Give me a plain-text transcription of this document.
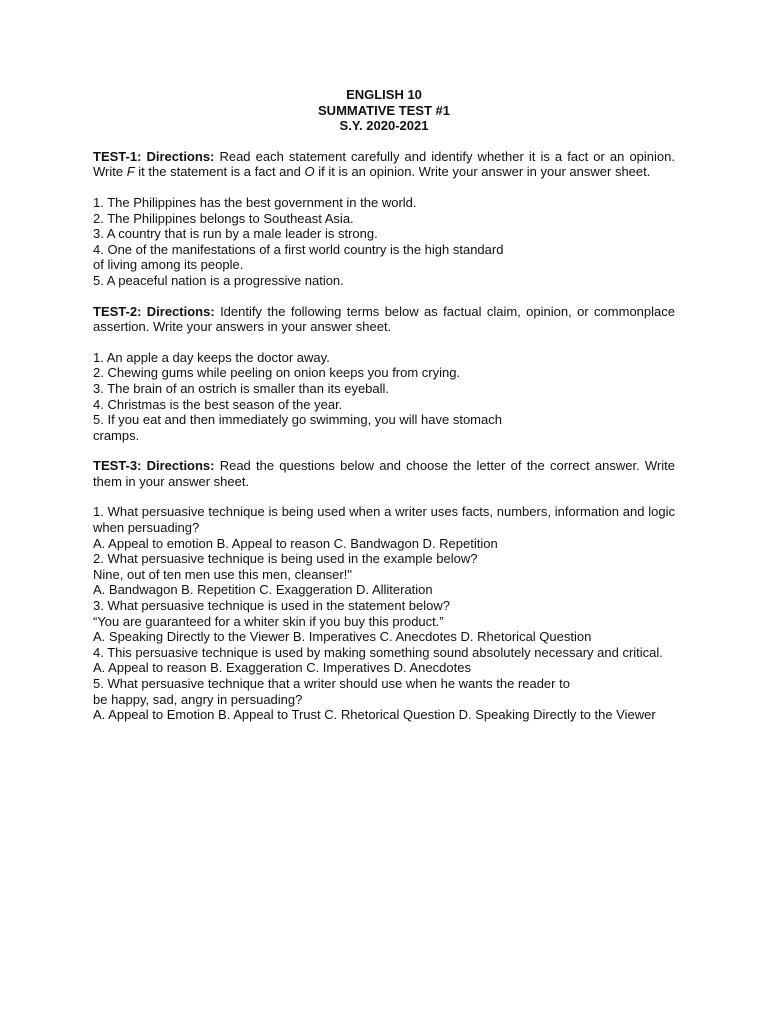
ENGLISH 10
SUMMATIVE TEST #1
S.Y. 2020-2021

TEST-1: Directions: Read each statement carefully and identify whether it is a fact or an opinion. Write F it the statement is a fact and O if it is an opinion. Write your answer in your answer sheet.

1. The Philippines has the best government in the world.

2. The Philippines belongs to Southeast Asia.

3. A country that is run by a male leader is strong.

4. One of the manifestations of a first world country is the high standard

of living among its people.

5. A peaceful nation is a progressive nation.

TEST-2: Directions: Identify the following terms below as factual claim, opinion, or commonplace assertion. Write your answers in your answer sheet.

1. An apple a day keeps the doctor away.

2. Chewing gums while peeling on onion keeps you from crying.

3. The brain of an ostrich is smaller than its eyeball.

4. Christmas is the best season of the year.

5. If you eat and then immediately go swimming, you will have stomach

cramps.

TEST-3: Directions: Read the questions below and choose the letter of the correct answer. Write them in your answer sheet.

1. What persuasive technique is being used when a writer uses facts, numbers, information and logic when persuading?

A. Appeal to emotion B. Appeal to reason C. Bandwagon D. Repetition

2. What persuasive technique is being used in the example below?

Nine, out of ten men use this men, cleanser!"

A. Bandwagon B. Repetition C. Exaggeration D. Alliteration

3. What persuasive technique is used in the statement below?

“You are guaranteed for a whiter skin if you buy this product.”

A. Speaking Directly to the Viewer B. Imperatives C. Anecdotes D. Rhetorical Question

4. This persuasive technique is used by making something sound absolutely necessary and critical.

A. Appeal to reason B. Exaggeration C. Imperatives D. Anecdotes

5. What persuasive technique that a writer should use when he wants the reader to

be happy, sad, angry in persuading?

A. Appeal to Emotion B. Appeal to Trust C. Rhetorical Question D. Speaking Directly to the Viewer
